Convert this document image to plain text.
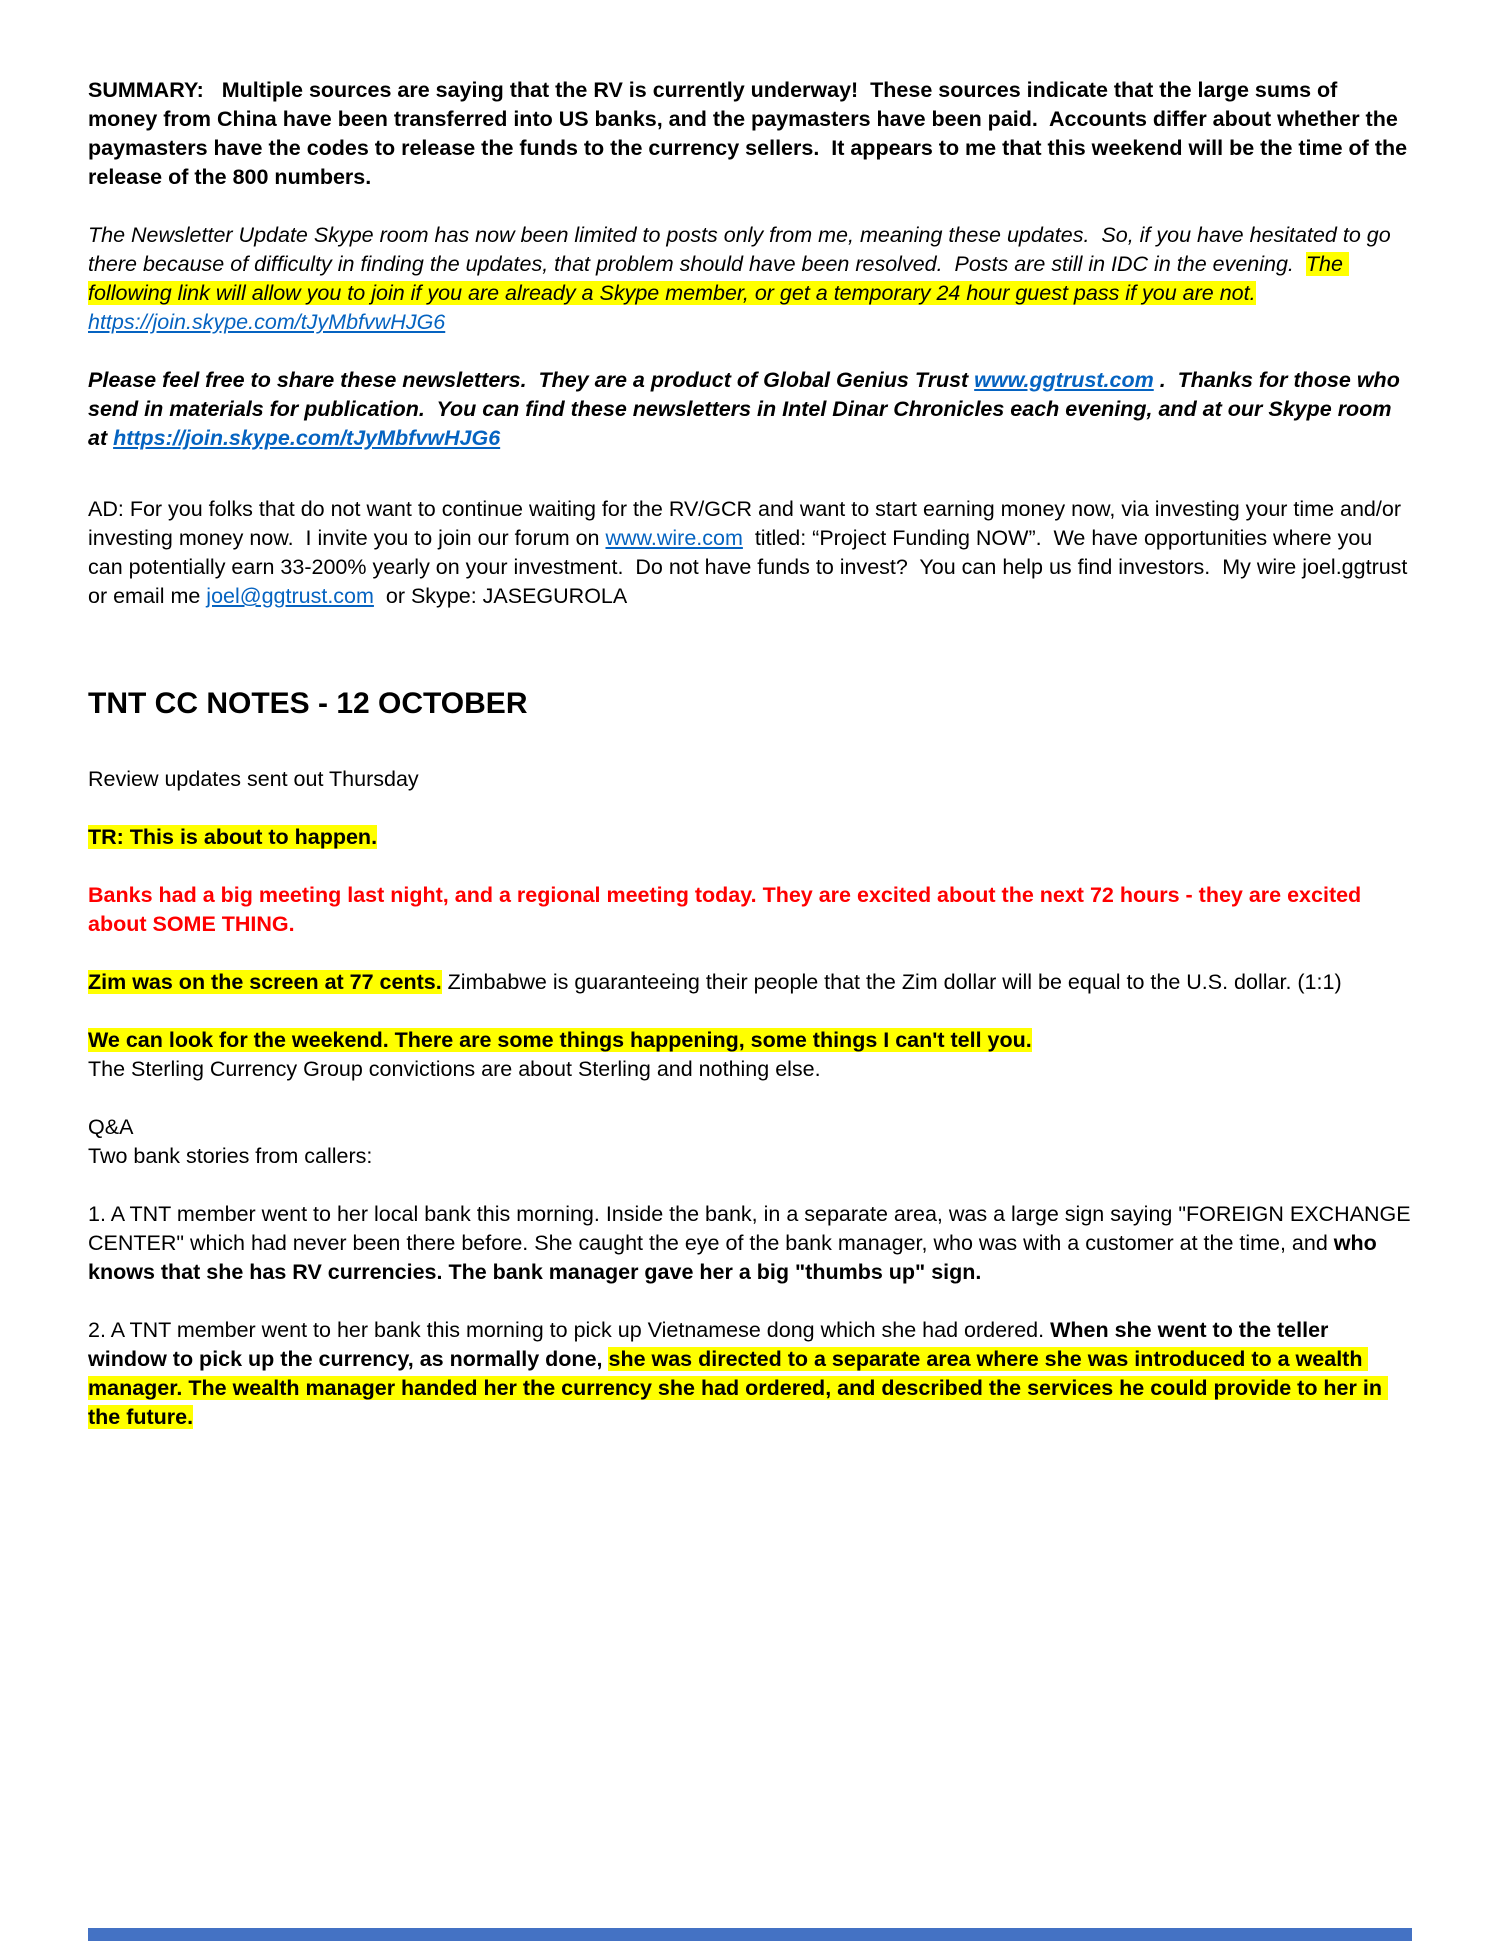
SUMMARY:   Multiple sources are saying that the RV is currently underway!  These sources indicate that the large sums of money from China have been transferred into US banks, and the paymasters have been paid.  Accounts differ about whether the paymasters have the codes to release the funds to the currency sellers.  It appears to me that this weekend will be the time of the release of the 800 numbers.

The Newsletter Update Skype room has now been limited to posts only from me, meaning these updates.  So, if you have hesitated to go there because of difficulty in finding the updates, that problem should have been resolved.  Posts are still in IDC in the evening.  The following link will allow you to join if you are already a Skype member, or get a temporary 24 hour guest pass if you are not.  https://join.skype.com/tJyMbfvwHJG6

Please feel free to share these newsletters.  They are a product of Global Genius Trust www.ggtrust.com .  Thanks for those who send in materials for publication.  You can find these newsletters in Intel Dinar Chronicles each evening, and at our Skype room at https://join.skype.com/tJyMbfvwHJG6

AD: For you folks that do not want to continue waiting for the RV/GCR and want to start earning money now, via investing your time and/or investing money now.  I invite you to join our forum on www.wire.com  titled: “Project Funding NOW”.  We have opportunities where you can potentially earn 33-200% yearly on your investment.  Do not have funds to invest?  You can help us find investors.  My wire joel.ggtrust or email me joel@ggtrust.com  or Skype: JASEGUROLA

TNT CC NOTES - 12 OCTOBER

Review updates sent out Thursday

TR: This is about to happen.

Banks had a big meeting last night, and a regional meeting today. They are excited about the next 72 hours - they are excited about SOME THING.

Zim was on the screen at 77 cents. Zimbabwe is guaranteeing their people that the Zim dollar will be equal to the U.S. dollar. (1:1)

We can look for the weekend. There are some things happening, some things I can't tell you.
The Sterling Currency Group convictions are about Sterling and nothing else.

Q&A
Two bank stories from callers:

1. A TNT member went to her local bank this morning. Inside the bank, in a separate area, was a large sign saying "FOREIGN EXCHANGE CENTER" which had never been there before. She caught the eye of the bank manager, who was with a customer at the time, and who knows that she has RV currencies. The bank manager gave her a big "thumbs up" sign.

2. A TNT member went to her bank this morning to pick up Vietnamese dong which she had ordered. When she went to the teller window to pick up the currency, as normally done, she was directed to a separate area where she was introduced to a wealth manager. The wealth manager handed her the currency she had ordered, and described the services he could provide to her in the future.
